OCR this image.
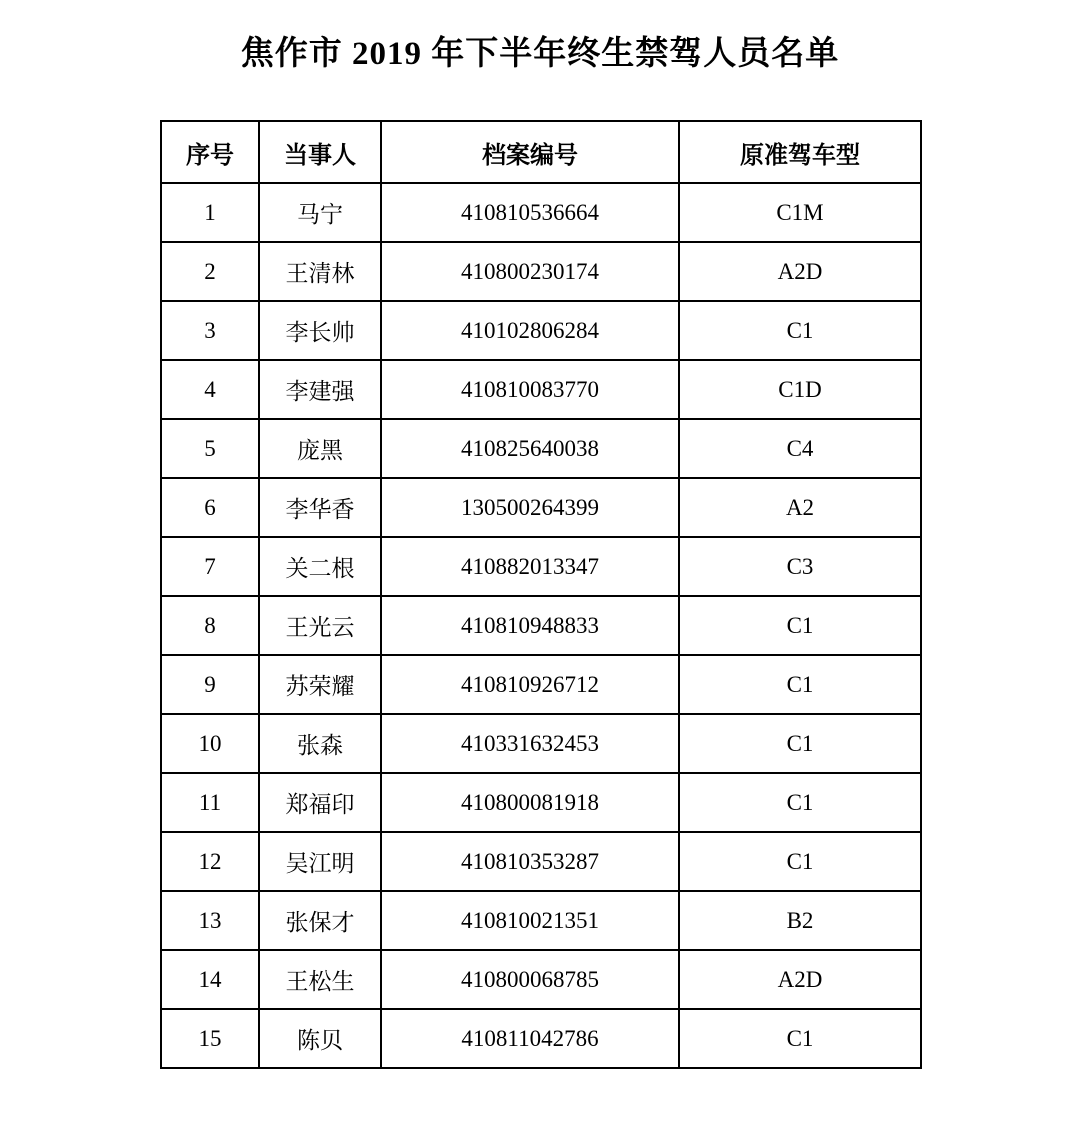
焦作市 2019 年下半年终生禁驾人员名单
序号	当事人	档案编号	原准驾车型
1	马宁	410810536664	C1M
2	王清林	410800230174	A2D
3	李长帅	410102806284	C1
4	李建强	410810083770	C1D
5	庞黑	410825640038	C4
6	李华香	130500264399	A2
7	关二根	410882013347	C3
8	王光云	410810948833	C1
9	苏荣耀	410810926712	C1
10	张森	410331632453	C1
11	郑福印	410800081918	C1
12	吴江明	410810353287	C1
13	张保才	410810021351	B2
14	王松生	410800068785	A2D
15	陈贝	410811042786	C1
